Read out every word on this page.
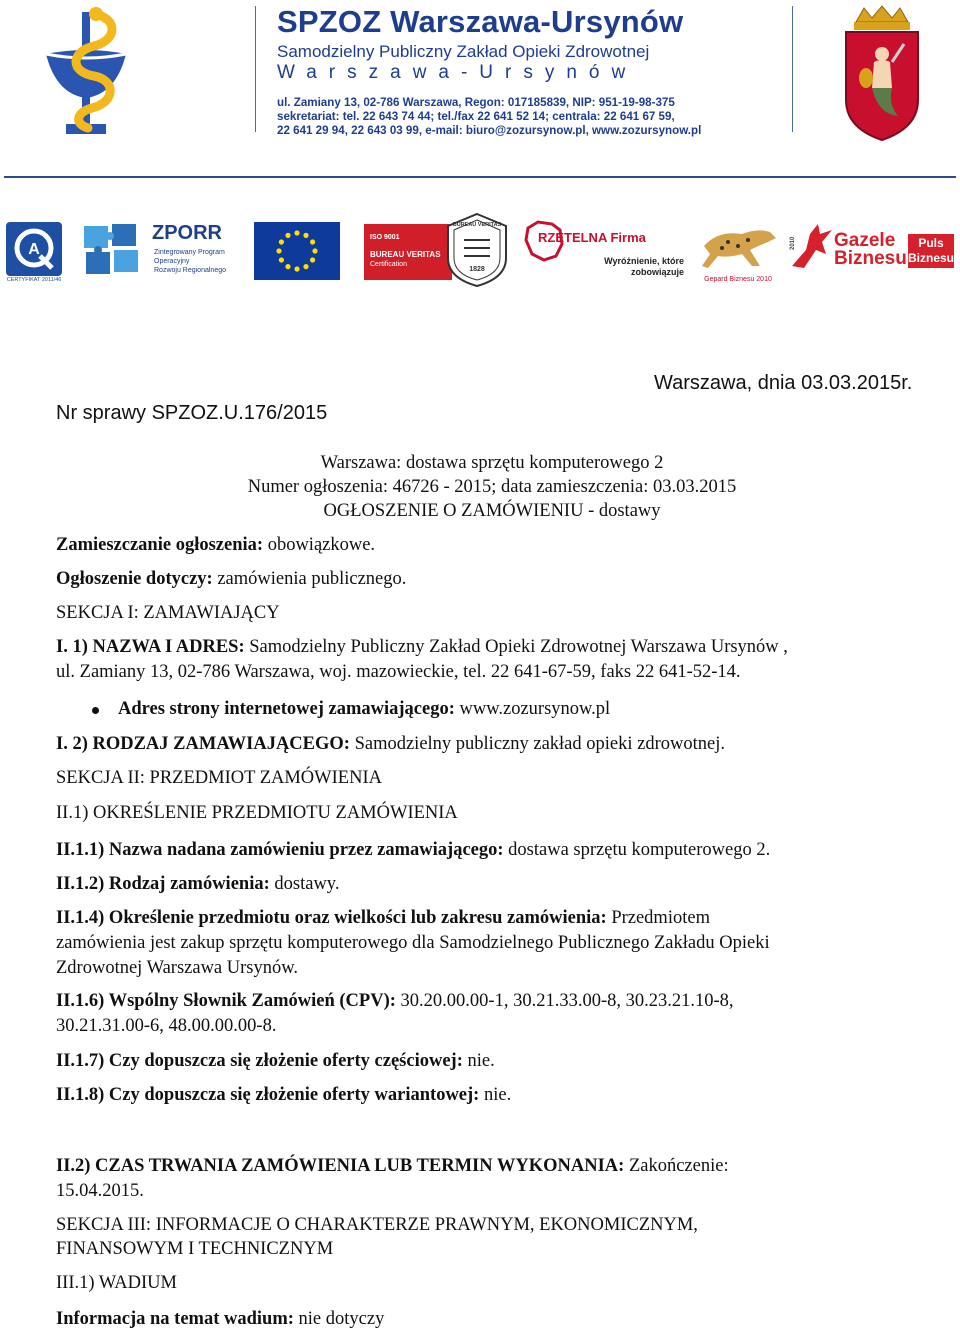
SPZOZ Warszawa-Ursynów
Samodzielny Publiczny Zakład Opieki Zdrowotnej
Warszawa-Ursynów
ul. Zamiany 13, 02-786 Warszawa, Regon: 017185839, NIP: 951-19-98-375
sekretariat: tel. 22 643 74 44; tel./fax 22 641 52 14; centrala: 22 641 67 59,
22 641 29 94, 22 643 03 99, e-mail: biuro@zozursynow.pl, www.zozursynow.pl
A
CERTYFIKAT 2011/46
ZPORR
Zintegrowany Program
Operacyjny
Rozwoju Regionalnego
ISO 9001
BUREAU VERITAS
Certification
BUREAU VERITAS
1828
RZETELNA Firma
Wyróżnienie, które
zobowiązuje
Gepard Biznesu 2010
2010 Gazele
Biznesu
Puls
Biznesu
Nr sprawy SPZOZ.U.176/2015
Warszawa, dnia 03.03.2015r.
Warszawa: dostawa sprzętu komputerowego 2
Numer ogłoszenia: 46726 - 2015; data zamieszczenia: 03.03.2015
OGŁOSZENIE O ZAMÓWIENIU - dostawy
Zamieszczanie ogłoszenia: obowiązkowe.
Ogłoszenie dotyczy: zamówienia publicznego.
SEKCJA I: ZAMAWIAJĄCY
I. 1) NAZWA I ADRES: Samodzielny Publiczny Zakład Opieki Zdrowotnej Warszawa Ursynów ,
ul. Zamiany 13, 02-786 Warszawa, woj. mazowieckie, tel. 22 641-67-59, faks 22 641-52-14.
Adres strony internetowej zamawiającego: www.zozursynow.pl
I. 2) RODZAJ ZAMAWIAJĄCEGO: Samodzielny publiczny zakład opieki zdrowotnej.
SEKCJA II: PRZEDMIOT ZAMÓWIENIA
II.1) OKREŚLENIE PRZEDMIOTU ZAMÓWIENIA
II.1.1) Nazwa nadana zamówieniu przez zamawiającego: dostawa sprzętu komputerowego 2.
II.1.2) Rodzaj zamówienia: dostawy.
II.1.4) Określenie przedmiotu oraz wielkości lub zakresu zamówienia: Przedmiotem
zamówienia jest zakup sprzętu komputerowego dla Samodzielnego Publicznego Zakładu Opieki
Zdrowotnej Warszawa Ursynów.
II.1.6) Wspólny Słownik Zamówień (CPV): 30.20.00.00-1, 30.21.33.00-8, 30.23.21.10-8,
30.21.31.00-6, 48.00.00.00-8.
II.1.7) Czy dopuszcza się złożenie oferty częściowej: nie.
II.1.8) Czy dopuszcza się złożenie oferty wariantowej: nie.
II.2) CZAS TRWANIA ZAMÓWIENIA LUB TERMIN WYKONANIA: Zakończenie:
15.04.2015.
SEKCJA III: INFORMACJE O CHARAKTERZE PRAWNYM, EKONOMICZNYM,
FINANSOWYM I TECHNICZNYM
III.1) WADIUM
Informacja na temat wadium: nie dotyczy
